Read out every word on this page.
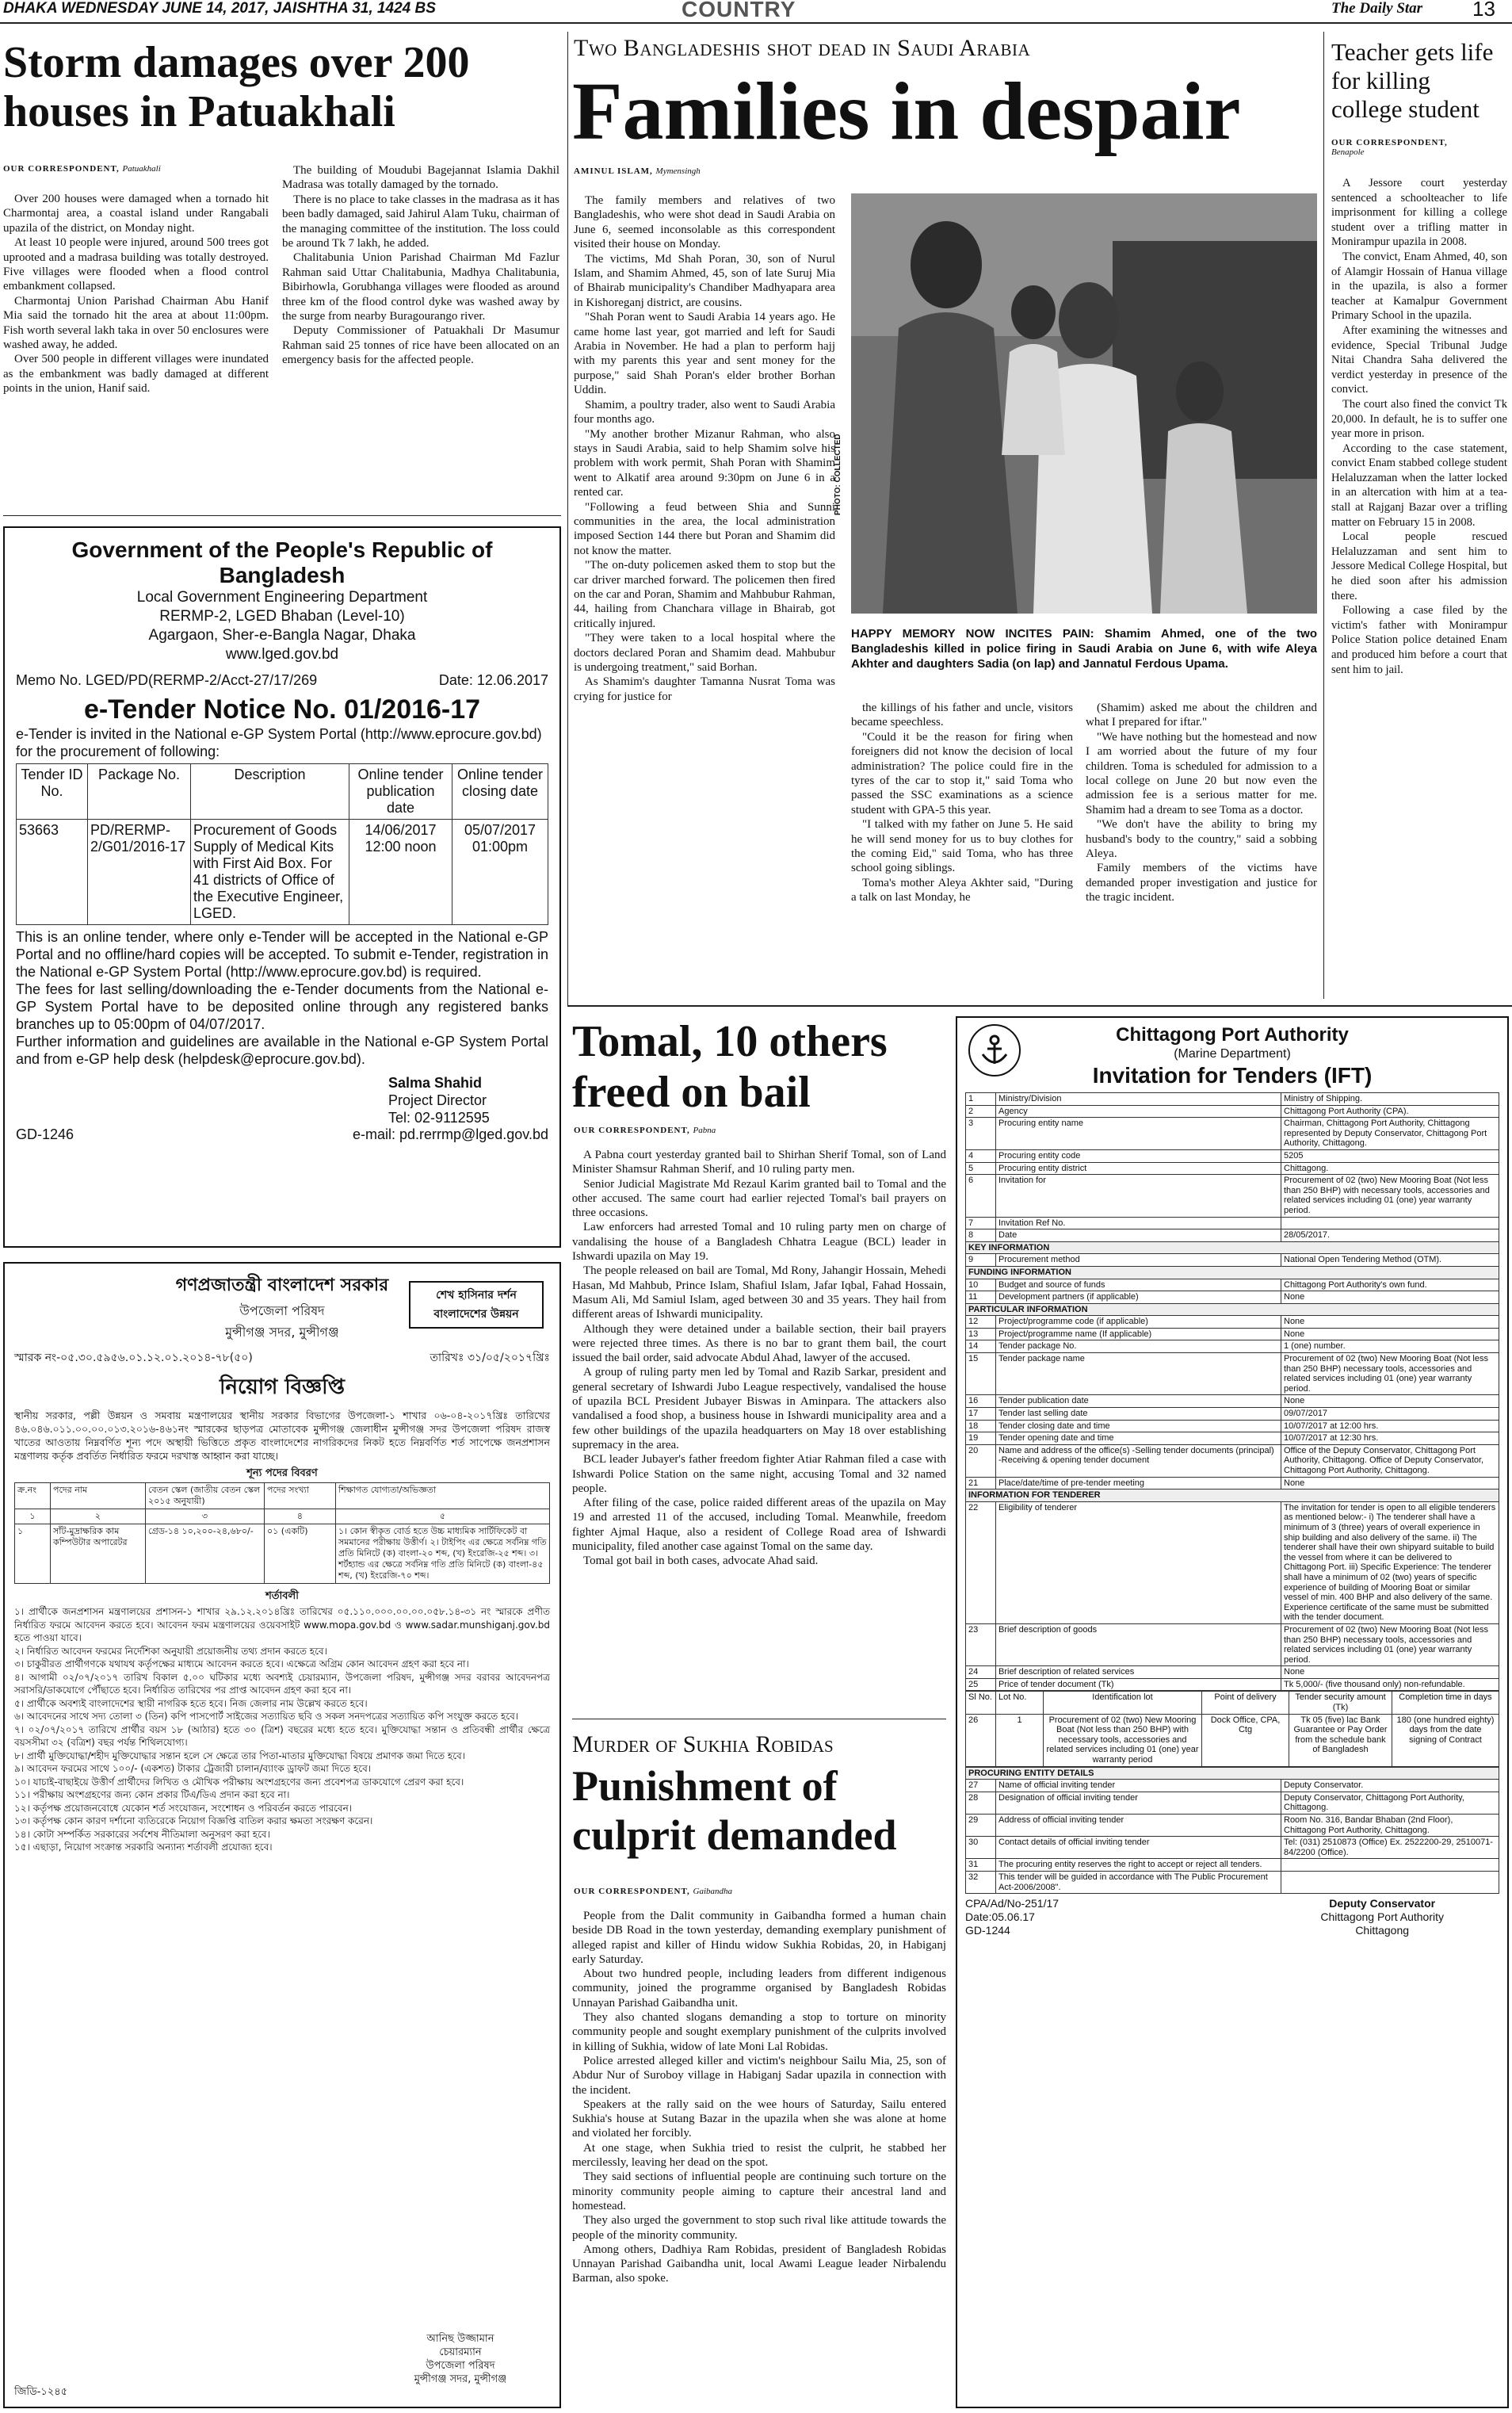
DHAKA WEDNESDAY JUNE 14, 2017, JAISHTHA 31, 1424 BS	COUNTRY	The Daily Star 13
Storm damages over 200 houses in Patuakhali
OUR CORRESPONDENT, Patuakhali

Over 200 houses were damaged when a tornado hit Charmontaj area, a coastal island under Rangabali upazila of the district, on Monday night.

At least 10 people were injured, around 500 trees got uprooted and a madrasa building was totally destroyed. Five villages were flooded when a flood control embankment collapsed.

Charmontaj Union Parishad Chairman Abu Hanif Mia said the tornado hit the area at about 11:00pm. Fish worth several lakh taka in over 50 enclosures were washed away, he added.

Over 500 people in different villages were inundated as the embankment was badly damaged at different points in the union, Hanif said.

The building of Moudubi Bagejannat Islamia Dakhil Madrasa was totally damaged by the tornado.

There is no place to take classes in the madrasa as it has been badly damaged, said Jahirul Alam Tuku, chairman of the managing committee of the institution. The loss could be around Tk 7 lakh, he added.

Chalitabunia Union Parishad Chairman Md Fazlur Rahman said Uttar Chalitabunia, Madhya Chalitabunia, Bibirhowla, Gorubhanga villages were flooded as around three km of the flood control dyke was washed away by the surge from nearby Buragourango river.

Deputy Commissioner of Patuakhali Dr Masumur Rahman said 25 tonnes of rice have been allocated on an emergency basis for the affected people.

Two Bangladeshis shot dead in Saudi Arabia
Families in despair
AMINUL ISLAM, Mymensingh

The family members and relatives of two Bangladeshis, who were shot dead in Saudi Arabia on June 6, seemed inconsolable as this correspondent visited their house on Monday.

The victims, Md Shah Poran, 30, son of Nurul Islam, and Shamim Ahmed, 45, son of late Suruj Mia of Bhairab municipality's Chandiber Madhyapara area in Kishoreganj district, are cousins.

"Shah Poran went to Saudi Arabia 14 years ago. He came home last year, got married and left for Saudi Arabia in November. He had a plan to perform hajj with my parents this year and sent money for the purpose," said Shah Poran's elder brother Borhan Uddin.

Shamim, a poultry trader, also went to Saudi Arabia four months ago.

"My another brother Mizanur Rahman, who also stays in Saudi Arabia, said to help Shamim solve his problem with work permit, Shah Poran with Shamim went to Alkatif area around 9:30pm on June 6 in a rented car.

"Following a feud between Shia and Sunni communities in the area, the local administration imposed Section 144 there but Poran and Shamim did not know the matter.

"The on-duty policemen asked them to stop but the car driver marched forward. The policemen then fired on the car and Poran, Shamim and Mahbubur Rahman, 44, hailing from Chanchara village in Bhairab, got critically injured.

"They were taken to a local hospital where the doctors declared Poran and Shamim dead. Mahbubur is undergoing treatment," said Borhan.

As Shamim's daughter Tamanna Nusrat Toma was crying for justice for

PHOTO: COLLECTED
HAPPY MEMORY NOW INCITES PAIN: Shamim Ahmed, one of the two Bangladeshis killed in police firing in Saudi Arabia on June 6, with wife Aleya Akhter and daughters Sadia (on lap) and Jannatul Ferdous Upama.

the killings of his father and uncle, visitors became speechless.

"Could it be the reason for firing when foreigners did not know the decision of local administration? The police could fire in the tyres of the car to stop it," said Toma who passed the SSC examinations as a science student with GPA-5 this year.

"I talked with my father on June 5. He said he will send money for us to buy clothes for the coming Eid," said Toma, who has three school going siblings.

Toma's mother Aleya Akhter said, "During a talk on last Monday, he

(Shamim) asked me about the children and what I prepared for iftar."

"We have nothing but the homestead and now I am worried about the future of my four children. Toma is scheduled for admission to a local college on June 20 but now even the admission fee is a serious matter for me. Shamim had a dream to see Toma as a doctor.

"We don't have the ability to bring my husband's body to the country," said a sobbing Aleya.

Family members of the victims have demanded proper investigation and justice for the tragic incident.

Teacher gets life for killing college student
OUR CORRESPONDENT,
Benapole

A Jessore court yesterday sentenced a schoolteacher to life imprisonment for killing a college student over a trifling matter in Monirampur upazila in 2008.

The convict, Enam Ahmed, 40, son of Alamgir Hossain of Hanua village in the upazila, is also a former teacher at Kamalpur Government Primary School in the upazila.

After examining the witnesses and evidence, Special Tribunal Judge Nitai Chandra Saha delivered the verdict yesterday in presence of the convict.

The court also fined the convict Tk 20,000. In default, he is to suffer one year more in prison.

According to the case statement, convict Enam stabbed college student Helaluzzaman when the latter locked in an altercation with him at a tea-stall at Rajganj Bazar over a trifling matter on February 15 in 2008.

Local people rescued Helaluzzaman and sent him to Jessore Medical College Hospital, but he died soon after his admission there.

Following a case filed by the victim's father with Monirampur Police Station police detained Enam and produced him before a court that sent him to jail.

Government of the People's Republic of Bangladesh
Local Government Engineering Department
RERMP-2, LGED Bhaban (Level-10)
Agargaon, Sher-e-Bangla Nagar, Dhaka
www.lged.gov.bd
Memo No. LGED/PD(RERMP-2/Acct-27/17/269	Date: 12.06.2017
e-Tender Notice No. 01/2016-17
e-Tender is invited in the National e-GP System Portal (http://www.eprocure.gov.bd) for the procurement of following:
Tender ID No.	Package No.	Description	Online tender publication date	Online tender closing date
53663	PD/RERMP-2/G01/2016-17	Procurement of Goods Supply of Medical Kits with First Aid Box. For 41 districts of Office of the Executive Engineer, LGED.	14/06/2017 12:00 noon	05/07/2017 01:00pm
This is an online tender, where only e-Tender will be accepted in the National e-GP Portal and no offline/hard copies will be accepted. To submit e-Tender, registration in the National e-GP System Portal (http://www.eprocure.gov.bd) is required.
The fees for last selling/downloading the e-Tender documents from the National e-GP System Portal have to be deposited online through any registered banks branches up to 05:00pm of 04/07/2017.
Further information and guidelines are available in the National e-GP System Portal and from e-GP help desk (helpdesk@eprocure.gov.bd).
Salma Shahid
Project Director
Tel: 02-9112595
GD-1246	e-mail: pd.rerrmp@lged.gov.bd
গণপ্রজাতন্ত্রী বাংলাদেশ সরকার
উপজেলা পরিষদ
মুন্সীগঞ্জ সদর, মুন্সীগঞ্জ
শেখ হাসিনার দর্শন
বাংলাদেশের উন্নয়ন
স্মারক নং-০৫.৩০.৫৯৫৬.০১.১২.০১.২০১৪-৭৮(৫০)	তারিখঃ ৩১/০৫/২০১৭খ্রিঃ
নিয়োগ বিজ্ঞপ্তি
স্থানীয় সরকার, পল্লী উন্নয়ন ও সমবায় মন্ত্রণালয়ের স্থানীয় সরকার বিভাগের উপজেলা-১ শাখার ০৬-০৪-২০১৭খ্রিঃ তারিখের ৪৬.০৪৬.০১১.০০.০০.০১৩.২০১৬-৪৬১নং স্মারকের ছাড়পত্র মোতাবেক মুন্সীগঞ্জ জেলাধীন মুন্সীগঞ্জ সদর উপজেলা পরিষদ রাজস্ব খাতের আওতায় নিম্নবর্ণিত শূন্য পদে অস্থায়ী ভিত্তিতে প্রকৃত বাংলাদেশের নাগরিকদের নিকট হতে নিম্নবর্ণিত শর্ত সাপেক্ষে জনপ্রশাসন মন্ত্রণালয় কর্তৃক প্রবর্তিত নির্ধারিত ফরমে দরখাস্ত আহ্বান করা যাচ্ছে।
শূন্য পদের বিবরণ
ক্র.নং	পদের নাম	বেতন স্কেল (জাতীয় বেতন স্কেল ২০১৫ অনুযায়ী)	পদের সংখ্যা	শিক্ষাগত যোগ্যতা/অভিজ্ঞতা
১	২	৩	৪	৫
১	সাঁট-মুদ্রাক্ষরিক কাম কম্পিউটার অপারেটর	গ্রেড-১৪ ১০,২০০-২৪,৬৮০/-	০১ (একটি)	১। কোন স্বীকৃত বোর্ড হতে উচ্চ মাধ্যমিক সার্টিফিকেট বা সমমানের পরীক্ষায় উত্তীর্ণ। ২। টাইপিং এর ক্ষেত্রে সর্বনিম্ন গতি প্রতি মিনিটে (ক) বাংলা-২০ শব্দ, (খ) ইংরেজি-২৫ শব্দ। ৩। শর্টহ্যান্ড এর ক্ষেত্রে সর্বনিম্ন গতি প্রতি মিনিটে (ক) বাংলা-৪৫ শব্দ, (খ) ইংরেজি-৭০ শব্দ।
শর্তাবলী
১। প্রার্থীকে জনপ্রশাসন মন্ত্রণালয়ের প্রশাসন-১ শাখার ২৯.১২.২০১৪খ্রিঃ তারিখের ০৫.১১০.০০০.০০.০০.০৫৮.১৪-৩১ নং স্মারকে প্রণীত নির্ধারিত ফরমে আবেদন করতে হবে। আবেদন ফরম মন্ত্রণালয়ের ওয়েবসাইট www.mopa.gov.bd ও www.sadar.munshiganj.gov.bd হতে পাওয়া যাবে।
২। নির্ধারিত আবেদন ফরমের নির্দেশিকা অনুযায়ী প্রয়োজনীয় তথ্য প্রদান করতে হবে।
৩। চাকুরীরত প্রার্থীগণকে যথাযথ কর্তৃপক্ষের মাধ্যমে আবেদন করতে হবে। এক্ষেত্রে অগ্রিম কোন আবেদন গ্রহণ করা হবে না।
৪। আগামী ০২/০৭/২০১৭ তারিখ বিকাল ৫.০০ ঘটিকার মধ্যে অবশ্যই চেয়ারম্যান, উপজেলা পরিষদ, মুন্সীগঞ্জ সদর বরাবর আবেদনপত্র সরাসরি/ডাকযোগে পৌঁছাতে হবে। নির্ধারিত তারিখের পর প্রাপ্ত আবেদন গ্রহণ করা হবে না।
৫। প্রার্থীকে অবশ্যই বাংলাদেশের স্থায়ী নাগরিক হতে হবে। নিজ জেলার নাম উল্লেখ করতে হবে।
৬। আবেদনের সাথে সদ্য তোলা ৩ (তিন) কপি পাসপোর্ট সাইজের সত্যায়িত ছবি ও সকল সনদপত্রের সত্যায়িত কপি সংযুক্ত করতে হবে।
৭। ০২/০৭/২০১৭ তারিখে প্রার্থীর বয়স ১৮ (আঠার) হতে ৩০ (ত্রিশ) বছরের মধ্যে হতে হবে। মুক্তিযোদ্ধা সন্তান ও প্রতিবন্ধী প্রার্থীর ক্ষেত্রে বয়সসীমা ৩২ (বত্রিশ) বছর পর্যন্ত শিথিলযোগ্য।
৮। প্রার্থী মুক্তিযোদ্ধা/শহীদ মুক্তিযোদ্ধার সন্তান হলে সে ক্ষেত্রে তার পিতা-মাতার মুক্তিযোদ্ধা বিষয়ে প্রমাণক জমা দিতে হবে।
৯। আবেদন ফরমের সাথে ১০০/- (একশত) টাকার ট্রেজারী চালান/ব্যাংক ড্রাফট জমা দিতে হবে।
১০। যাচাই-বাছাইয়ে উত্তীর্ণ প্রার্থীদের লিখিত ও মৌখিক পরীক্ষায় অংশগ্রহণের জন্য প্রবেশপত্র ডাকযোগে প্রেরণ করা হবে।
১১। পরীক্ষায় অংশগ্রহণের জন্য কোন প্রকার টিএ/ডিএ প্রদান করা হবে না।
১২। কর্তৃপক্ষ প্রয়োজনবোধে যেকোন শর্ত সংযোজন, সংশোধন ও পরিবর্তন করতে পারবেন।
১৩। কর্তৃপক্ষ কোন কারণ দর্শানো ব্যতিরেকে নিয়োগ বিজ্ঞপ্তি বাতিল করার ক্ষমতা সংরক্ষণ করেন।
১৪। কোটা সম্পর্কিত সরকারের সর্বশেষ নীতিমালা অনুসরণ করা হবে।
১৫। এছাড়া, নিয়োগ সংক্রান্ত সরকারি অন্যান্য শর্তাবলী প্রযোজ্য হবে।
আনিছ উজ্জামান
চেয়ারম্যান
উপজেলা পরিষদ
মুন্সীগঞ্জ সদর, মুন্সীগঞ্জ
জিডি-১২৪৫
Tomal, 10 others freed on bail
OUR CORRESPONDENT, Pabna

A Pabna court yesterday granted bail to Shirhan Sherif Tomal, son of Land Minister Shamsur Rahman Sherif, and 10 ruling party men.

Senior Judicial Magistrate Md Rezaul Karim granted bail to Tomal and the other accused. The same court had earlier rejected Tomal's bail prayers on three occasions.

Law enforcers had arrested Tomal and 10 ruling party men on charge of vandalising the house of a Bangladesh Chhatra League (BCL) leader in Ishwardi upazila on May 19.

The people released on bail are Tomal, Md Rony, Jahangir Hossain, Mehedi Hasan, Md Mahbub, Prince Islam, Shafiul Islam, Jafar Iqbal, Fahad Hossain, Masum Ali, Md Samiul Islam, aged between 30 and 35 years. They hail from different areas of Ishwardi municipality.

Although they were detained under a bailable section, their bail prayers were rejected three times. As there is no bar to grant them bail, the court issued the bail order, said advocate Abdul Ahad, lawyer of the accused.

A group of ruling party men led by Tomal and Razib Sarkar, president and general secretary of Ishwardi Jubo League respectively, vandalised the house of upazila BCL President Jubayer Biswas in Aminpara. The attackers also vandalised a food shop, a business house in Ishwardi municipality area and a few other buildings of the upazila headquarters on May 18 over establishing supremacy in the area.

BCL leader Jubayer's father freedom fighter Atiar Rahman filed a case with Ishwardi Police Station on the same night, accusing Tomal and 32 named people.

After filing of the case, police raided different areas of the upazila on May 19 and arrested 11 of the accused, including Tomal. Meanwhile, freedom fighter Ajmal Haque, also a resident of College Road area of Ishwardi municipality, filed another case against Tomal on the same day.

Tomal got bail in both cases, advocate Ahad said.

Murder of Sukhia Robidas
Punishment of culprit demanded
OUR CORRESPONDENT, Gaibandha

People from the Dalit community in Gaibandha formed a human chain beside DB Road in the town yesterday, demanding exemplary punishment of alleged rapist and killer of Hindu widow Sukhia Robidas, 20, in Habiganj early Saturday.

About two hundred people, including leaders from different indigenous community, joined the programme organised by Bangladesh Robidas Unnayan Parishad Gaibandha unit.

They also chanted slogans demanding a stop to torture on minority community people and sought exemplary punishment of the culprits involved in killing of Sukhia, widow of late Moni Lal Robidas.

Police arrested alleged killer and victim's neighbour Sailu Mia, 25, son of Abdur Nur of Suroboy village in Habiganj Sadar upazila in connection with the incident.

Speakers at the rally said on the wee hours of Saturday, Sailu entered Sukhia's house at Sutang Bazar in the upazila when she was alone at home and violated her forcibly.

At one stage, when Sukhia tried to resist the culprit, he stabbed her mercilessly, leaving her dead on the spot.

They said sections of influential people are continuing such torture on the minority community people aiming to capture their ancestral land and homestead.

They also urged the government to stop such rival like attitude towards the people of the minority community.

Among others, Dadhiya Ram Robidas, president of Bangladesh Robidas Unnayan Parishad Gaibandha unit, local Awami League leader Nirbalendu Barman, also spoke.

Chittagong Port Authority
(Marine Department)
Invitation for Tenders (IFT)
1	Ministry/Division	Ministry of Shipping.
2	Agency	Chittagong Port Authority (CPA).
3	Procuring entity name	Chairman, Chittagong Port Authority, Chittagong represented by Deputy Conservator, Chittagong Port Authority, Chittagong.
4	Procuring entity code	5205
5	Procuring entity district	Chittagong.
6	Invitation for	Procurement of 02 (two) New Mooring Boat (Not less than 250 BHP) with necessary tools, accessories and related services including 01 (one) year warranty period.
7	Invitation Ref No.	
8	Date	28/05/2017.
KEY INFORMATION		
9	Procurement method	National Open Tendering Method (OTM).
FUNDING INFORMATION		
10	Budget and source of funds	Chittagong Port Authority's own fund.
11	Development partners (if applicable)	None
PARTICULAR INFORMATION		
12	Project/programme code (if applicable)	None
13	Project/programme name (If applicable)	None
14	Tender package No.	1 (one) number.
15	Tender package name	Procurement of 02 (two) New Mooring Boat (Not less than 250 BHP) necessary tools, accessories and related services including 01 (one) year warranty period.
16	Tender publication date	None
17	Tender last selling date	09/07/2017
18	Tender closing date and time	10/07/2017 at 12:00 hrs.
19	Tender opening date and time	10/07/2017 at 12:30 hrs.
20	Name and address of the office(s) -Selling tender documents (principal) -Receiving & opening tender document	Office of the Deputy Conservator, Chittagong Port Authority, Chittagong. Office of Deputy Conservator, Chittagong Port Authority, Chittagong.
21	Place/date/time of pre-tender meeting	None
INFORMATION FOR TENDERER		
22	Eligibility of tenderer	The invitation for tender is open to all eligible tenderers as mentioned below:- i) The tenderer shall have a minimum of 3 (three) years of overall experience in ship building and also delivery of the same. ii) The tenderer shall have their own shipyard suitable to build the vessel from where it can be delivered to Chittagong Port. iii) Specific Experience: The tenderer shall have a minimum of 02 (two) years of specific experience of building of Mooring Boat or similar vessel of min. 400 BHP and also delivery of the same. Experience certificate of the same must be submitted with the tender document.
23	Brief description of goods	Procurement of 02 (two) New Mooring Boat (Not less than 250 BHP) necessary tools, accessories and related services including 01 (one) year warranty period.
24	Brief description of related services	None
25	Price of tender document (Tk)	Tk 5,000/- (five thousand only) non-refundable.
Sl No.	Lot No.	Identification lot	Point of delivery	Tender security amount (Tk)	Completion time in days
26	1	Procurement of 02 (two) New Mooring Boat (Not less than 250 BHP) with necessary tools, accessories and related services including 01 (one) year warranty period	Dock Office, CPA, Ctg	Tk 05 (five) lac Bank Guarantee or Pay Order from the schedule bank of Bangladesh	180 (one hundred eighty) days from the date signing of Contract
PROCURING ENTITY DETAILS		
27	Name of official inviting tender	Deputy Conservator.
28	Designation of official inviting tender	Deputy Conservator, Chittagong Port Authority, Chittagong.
29	Address of official inviting tender	Room No. 316, Bandar Bhaban (2nd Floor), Chittagong Port Authority, Chittagong.
30	Contact details of official inviting tender	Tel: (031) 2510873 (Office) Ex. 2522200-29, 2510071-84/2200 (Office).
31	The procuring entity reserves the right to accept or reject all tenders.	
32	This tender will be guided in accordance with The Public Procurement Act-2006/2008".	
CPA/Ad/No-251/17
Date:05.06.17
GD-1244
Deputy Conservator
Chittagong Port Authority
Chittagong
